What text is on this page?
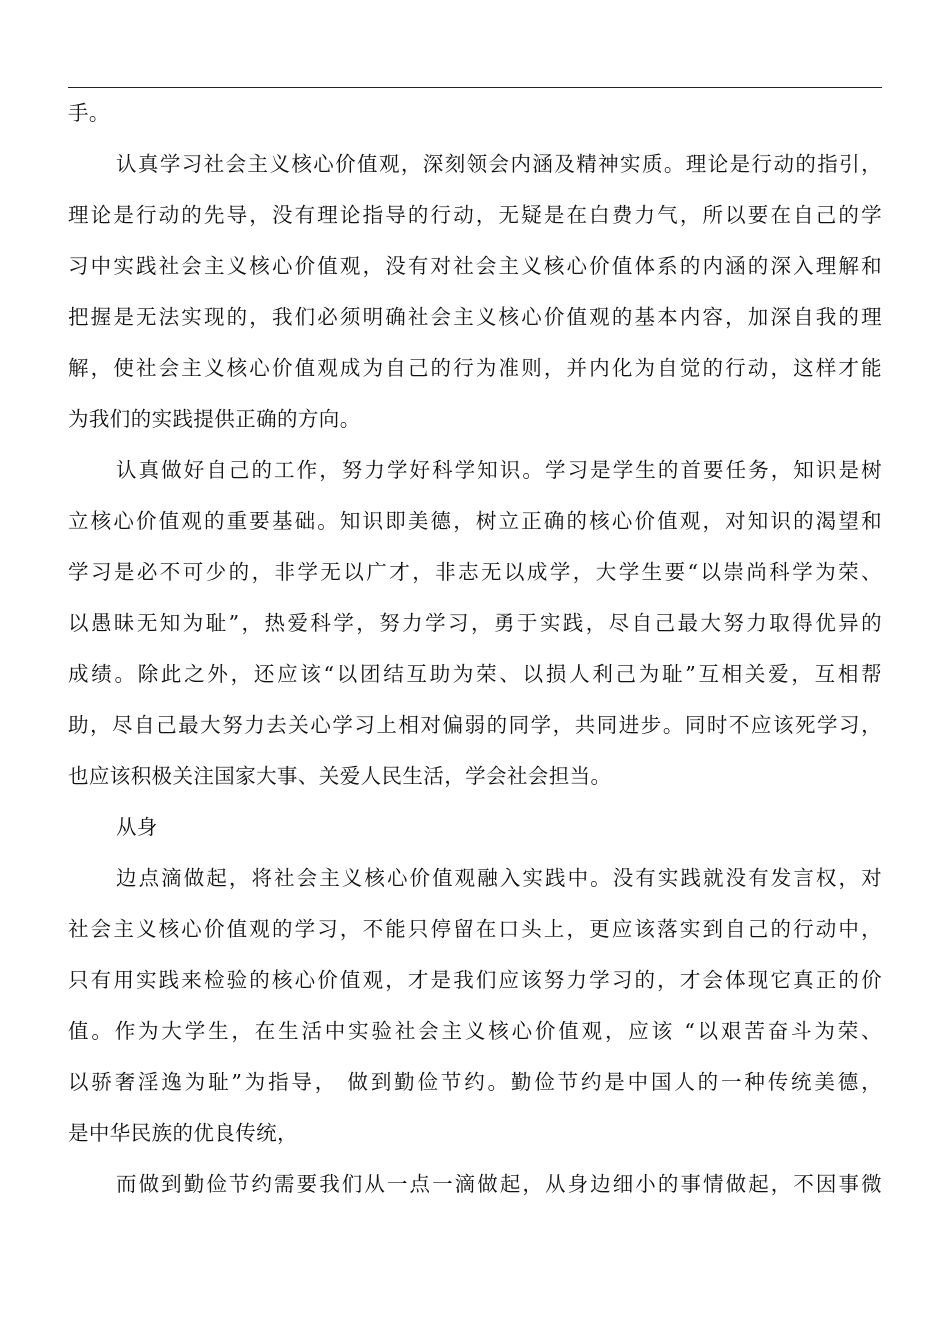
手。
认真学习社会主义核心价值观，深刻领会内涵及精神实质。理论是行动的指引，
理论是行动的先导，没有理论指导的行动，无疑是在白费力气，所以要在自己的学
习中实践社会主义核心价值观，没有对社会主义核心价值体系的内涵的深入理解和
把握是无法实现的，我们必须明确社会主义核心价值观的基本内容，加深自我的理
解，使社会主义核心价值观成为自己的行为准则，并内化为自觉的行动，这样才能
为我们的实践提供正确的方向。
认真做好自己的工作，努力学好科学知识。学习是学生的首要任务，知识是树
立核心价值观的重要基础。知识即美德，树立正确的核心价值观，对知识的渴望和
学习是必不可少的，非学无以广才，非志无以成学，大学生要“以崇尚科学为荣、
以愚昧无知为耻”，热爱科学，努力学习，勇于实践，尽自己最大努力取得优异的
成绩。除此之外，还应该“以团结互助为荣、以损人利己为耻”互相关爱，互相帮
助，尽自己最大努力去关心学习上相对偏弱的同学，共同进步。同时不应该死学习，
也应该积极关注国家大事、关爱人民生活，学会社会担当。
从身
边点滴做起，将社会主义核心价值观融入实践中。没有实践就没有发言权，对
社会主义核心价值观的学习，不能只停留在口头上，更应该落实到自己的行动中，
只有用实践来检验的核心价值观，才是我们应该努力学习的，才会体现它真正的价
值。作为大学生，在生活中实验社会主义核心价值观，应该 “以艰苦奋斗为荣、
以骄奢淫逸为耻”为指导， 做到勤俭节约。勤俭节约是中国人的一种传统美德，
是中华民族的优良传统，
而做到勤俭节约需要我们从一点一滴做起，从身边细小的事情做起，不因事微
